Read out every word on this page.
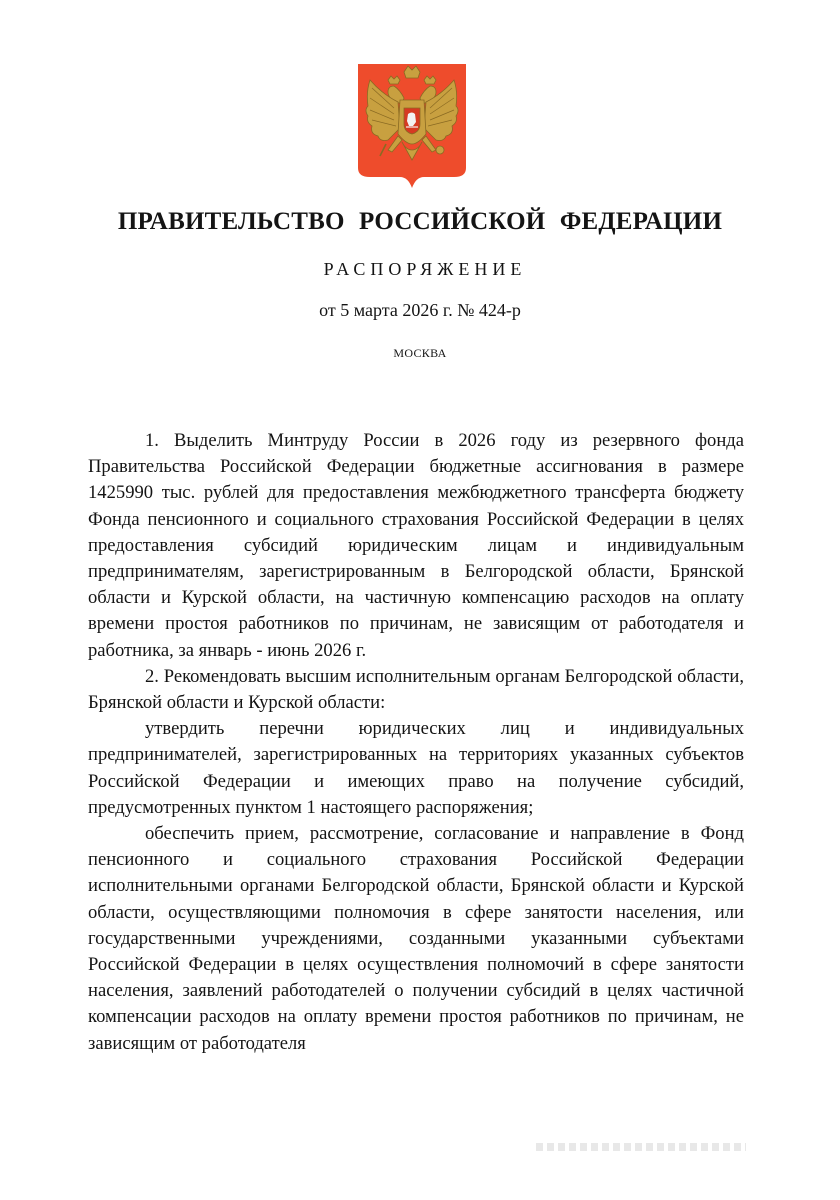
ПРАВИТЕЛЬСТВО РОССИЙСКОЙ ФЕДЕРАЦИИ
РАСПОРЯЖЕНИЕ
от 5 марта 2026 г. № 424-р
МОСКВА

1. Выделить Минтруду России в 2026 году из резервного фонда Правительства Российской Федерации бюджетные ассигнования в размере 1425990 тыс. рублей для предоставления межбюджетного трансферта бюджету Фонда пенсионного и социального страхования Российской Федерации в целях предоставления субсидий юридическим лицам и индивидуальным предпринимателям, зарегистрированным в Белгородской области, Брянской области и Курской области, на частичную компенсацию расходов на оплату времени простоя работников по причинам, не зависящим от работодателя и работника, за январь - июнь 2026 г.

2. Рекомендовать высшим исполнительным органам Белгородской области, Брянской области и Курской области:

утвердить перечни юридических лиц и индивидуальных предпринимателей, зарегистрированных на территориях указанных субъектов Российской Федерации и имеющих право на получение субсидий, предусмотренных пунктом 1 настоящего распоряжения;

обеспечить прием, рассмотрение, согласование и направление в Фонд пенсионного и социального страхования Российской Федерации исполнительными органами Белгородской области, Брянской области и Курской области, осуществляющими полномочия в сфере занятости населения, или государственными учреждениями, созданными указанными субъектами Российской Федерации в целях осуществления полномочий в сфере занятости населения, заявлений работодателей о получении субсидий в целях частичной компенсации расходов на оплату времени простоя работников по причинам, не зависящим от работодателя
